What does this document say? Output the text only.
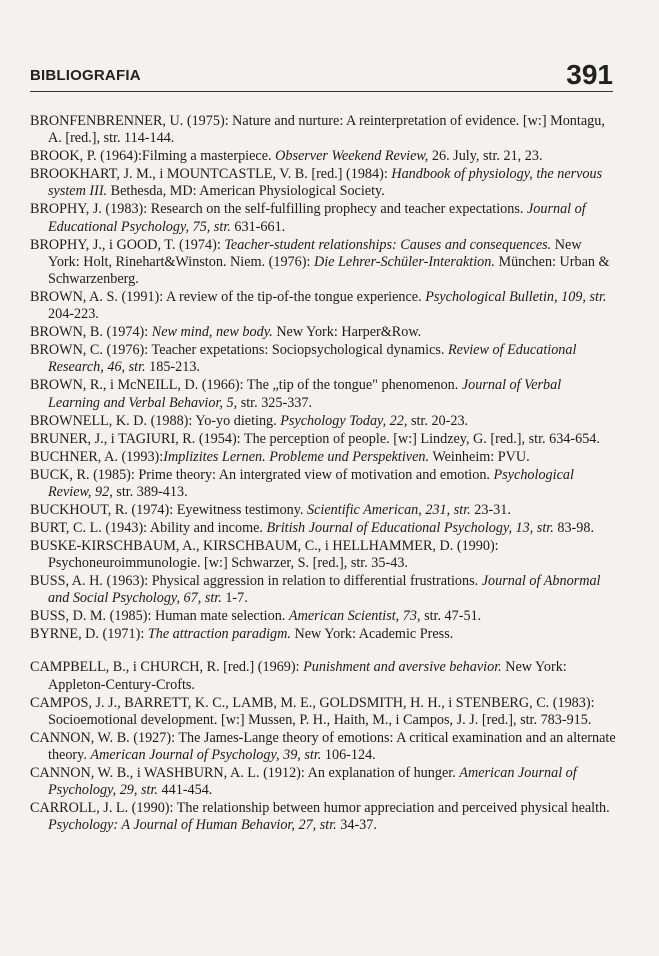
BIBLIOGRAFIA	391

BRONFENBRENNER, U. (1975): Nature and nurture: A reinterpretation of evidence. [w:] Montagu, A. [red.], str. 114-144.

BROOK, P. (1964):Filming a masterpiece. Observer Weekend Review, 26. July, str. 21, 23.

BROOKHART, J. M., i MOUNTCASTLE, V. B. [red.] (1984): Handbook of physiology, the nervous system III. Bethesda, MD: American Physiological Society.

BROPHY, J. (1983): Research on the self-fulfilling prophecy and teacher expectations. Journal of Educational Psychology, 75, str. 631-661.

BROPHY, J., i GOOD, T. (1974): Teacher-student relationships: Causes and consequences. New York: Holt, Rinehart&Winston. Niem. (1976): Die Lehrer-Schüler-Interaktion. München: Urban & Schwarzenberg.

BROWN, A. S. (1991): A review of the tip-of-the tongue experience. Psychological Bulletin, 109, str. 204-223.

BROWN, B. (1974): New mind, new body. New York: Harper&Row.

BROWN, C. (1976): Teacher expetations: Sociopsychological dynamics. Review of Educational Research, 46, str. 185-213.

BROWN, R., i McNEILL, D. (1966): The „tip of the tongue" phenomenon. Journal of Verbal Learning and Verbal Behavior, 5, str. 325-337.

BROWNELL, K. D. (1988): Yo-yo dieting. Psychology Today, 22, str. 20-23.

BRUNER, J., i TAGIURI, R. (1954): The perception of people. [w:] Lindzey, G. [red.], str. 634-654.

BUCHNER, A. (1993):Implizites Lernen. Probleme und Perspektiven. Weinheim: PVU.

BUCK, R. (1985): Prime theory: An intergrated view of motivation and emotion. Psychological Review, 92, str. 389-413.

BUCKHOUT, R. (1974): Eyewitness testimony. Scientific American, 231, str. 23-31.

BURT, C. L. (1943): Ability and income. British Journal of Educational Psychology, 13, str. 83-98.

BUSKE-KIRSCHBAUM, A., KIRSCHBAUM, C., i HELLHAMMER, D. (1990): Psychoneuroimmunologie. [w:] Schwarzer, S. [red.], str. 35-43.

BUSS, A. H. (1963): Physical aggression in relation to differential frustrations. Journal of Abnormal and Social Psychology, 67, str. 1-7.

BUSS, D. M. (1985): Human mate selection. American Scientist, 73, str. 47-51.

BYRNE, D. (1971): The attraction paradigm. New York: Academic Press.

CAMPBELL, B., i CHURCH, R. [red.] (1969): Punishment and aversive behavior. New York: Appleton-Century-Crofts.

CAMPOS, J. J., BARRETT, K. C., LAMB, M. E., GOLDSMITH, H. H., i STENBERG, C. (1983): Socioemotional development. [w:] Mussen, P. H., Haith, M., i Campos, J. J. [red.], str. 783-915.

CANNON, W. B. (1927): The James-Lange theory of emotions: A critical examination and an alternate theory. American Journal of Psychology, 39, str. 106-124.

CANNON, W. B., i WASHBURN, A. L. (1912): An explanation of hunger. American Journal of Psychology, 29, str. 441-454.

CARROLL, J. L. (1990): The relationship between humor appreciation and perceived physical health. Psychology: A Journal of Human Behavior, 27, str. 34-37.
